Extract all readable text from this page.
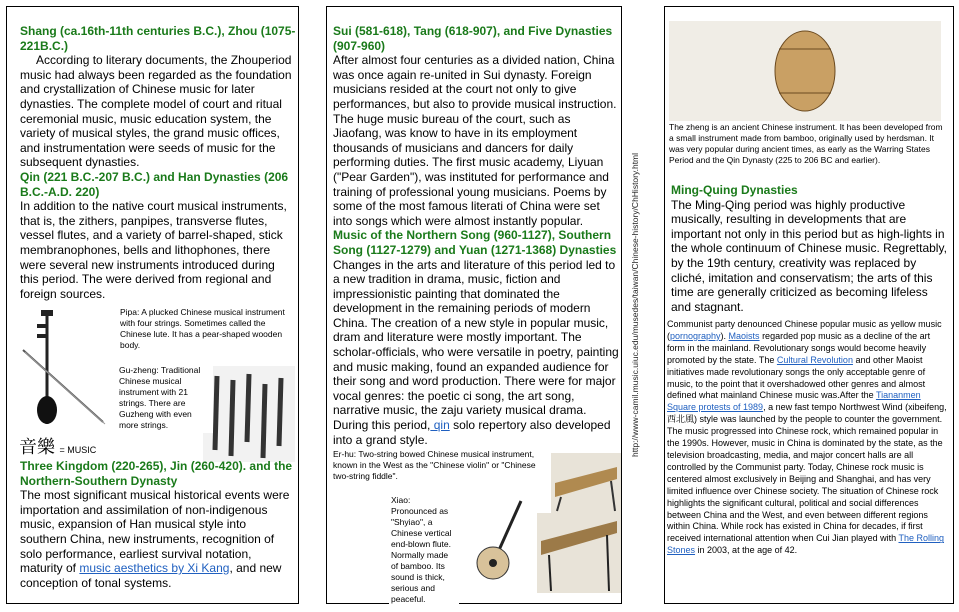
Shang (ca.16th-11th centuries B.C.), Zhou (1075-221B.C.)
According to literary documents, the Zhouperiod music had always been regarded as the foundation and crystallization of Chinese music for later dynasties. The complete model of court and ritual ceremonial music, music education system, the variety of musical styles, the grand music offices, and instrumentation were seeds of music for the subsequent dynasties.
Qin (221 B.C.-207 B.C.) and Han Dynasties (206 B.C.-A.D. 220)
In addition to the native court musical instruments, that is, the zithers, panpipes, transverse flutes, vessel flutes, and a variety of barrel-shaped, stick membranophones, bells and lithophones, there were several new instruments introduced during this period. The were derived from regional and foreign sources.
音樂 = MUSIC
Pipa: A plucked Chinese musical instrument with four strings. Sometimes called the Chinese lute. It has a pear-shaped wooden body.
Gu-zheng: Traditional Chinese musical instrument with 21 strings. There are Guzheng with even more strings.
Three Kingdom (220-265), Jin (260-420). and the Northern-Southern Dynasty
The most significant musical historical events were importation and assimilation of non-indigenous music, expansion of Han musical style into southern China, new instruments, recognition of solo performance, earliest survival notation, maturity of music aesthetics by Xi Kang, and new conception of tonal systems.
Sui (581-618), Tang (618-907), and Five Dynasties (907-960)
After almost four centuries as a divided nation, China was once again re-united in Sui dynasty. Foreign musicians resided at the court not only to give performances, but also to provide musical instruction. The huge music bureau of the court, such as Jiaofang, was know to have in its employment thousands of musicians and dancers for daily performing duties. The first music academy, Liyuan ("Pear Garden"), was instituted for performance and training of professional young musicians. Poems by some of the most famous literati of China were set into songs which were almost instantly popular.
Music of the Northern Song (960-1127), Southern Song (1127-1279) and Yuan (1271-1368) Dynasties
Changes in the arts and literature of this period led to a new tradition in drama, music, fiction and impressionistic painting that dominated the development in the remaining periods of modern China. The creation of a new style in popular music, dram and literature were mostly important. The scholar-officials, who were versatile in poetry, painting and music making, found an expanded audience for their song and word production. There were for major vocal genres: the poetic ci song, the art song, narrative music, the zaju variety musical drama. During this period, qin solo repertory also developed into a grand style.
Er-hu: Two-string bowed Chinese musical instrument, known in the West as the "Chinese violin" or "Chinese two-string fiddle".
Xiao: Pronounced as "Shyiao", a Chinese vertical end-blown flute. Normally made of bamboo. Its sound is thick, serious and peaceful.
http://www-camil.music.uiuc.edu/musedes/taiwan/Chinese-history/ChHistory.html
The zheng is an ancient Chinese instrument. It has been developed from a small instrument made from bamboo, originally used by herdsman. It was very popular during ancient times, as early as the Warring States Period and the Qin Dynasty (225 to 206 BC and earlier).
Ming-Quing Dynasties
The Ming-Qing period was highly productive musically, resulting in developments that are important not only in this period but as high-lights in the whole continuum of Chinese music. Regrettably, by the 19th century, creativity was replaced by cliché, imitation and conservatism; the arts of this time are generally criticized as becoming lifeless and stagnant.
Communist party denounced Chinese popular music as yellow music (pornography). Maoists regarded pop music as a decline of the art form in the mainland. Revolutionary songs would become heavily promoted by the state. The Cultural Revolution and other Maoist initiatives made revolutionary songs the only acceptable genre of music, to the point that it overshadowed other genres and almost defined what mainland Chinese music was.After the Tiananmen Square protests of 1989, a new fast tempo Northwest Wind (xibeifeng, 西北風) style was launched by the people to counter the government. The music progressed into Chinese rock, which remained popular in the 1990s. However, music in China is dominated by the state, as the television broadcasting, media, and major concert halls are all controlled by the Communist party. Today, Chinese rock music is centered almost exclusively in Beijing and Shanghai, and has very limited influence over Chinese society. The situation of Chinese rock highlights the significant cultural, political and social differences between China and the West, and even between different regions within China. While rock has existed in China for decades, if first received international attention when Cui Jian played with The Rolling Stones in 2003, at the age of 42.
